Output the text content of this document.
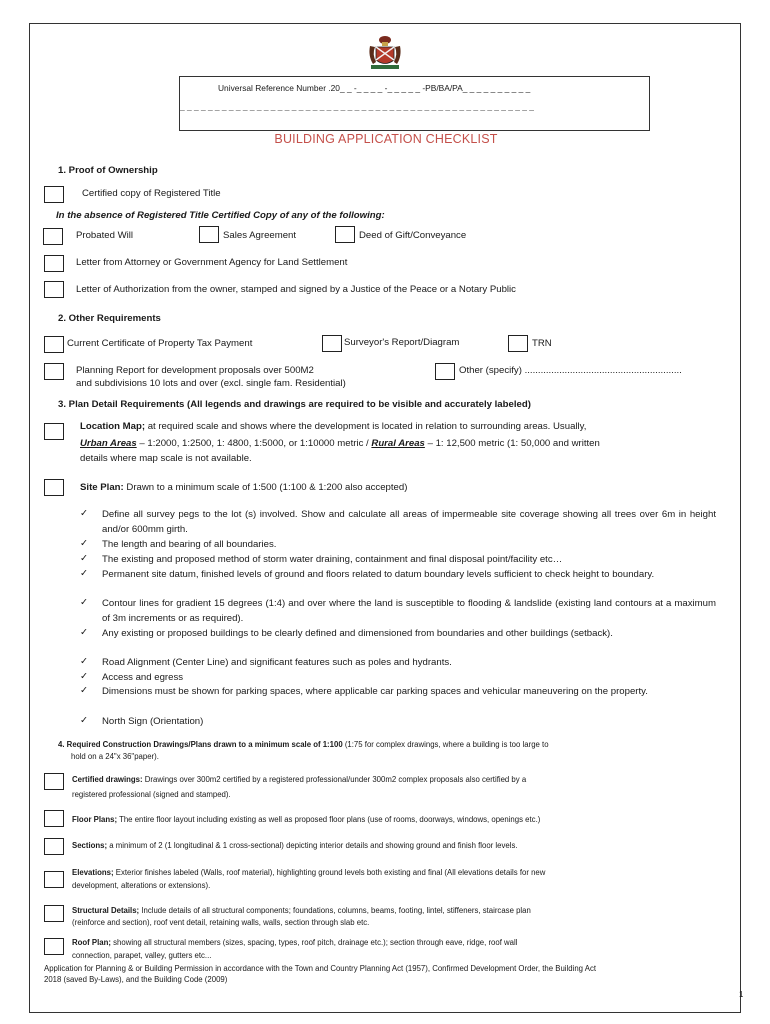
Universal Reference Number .20_ _ -_ _ _ _ -_ _ _ _ _ -PB/BA/PA_ _ _ _ _ _ _ _ _ _
_ _ _ _ _ _ _ _ _ _ _ _ _ _ _ _ _ _ _ _ _ _ _ _ _ _ _ _ _ _ _ _ _ _ _ _ _ _ _ _ _ _ _ _ _ _ _ _ _ _ _
BUILDING APPLICATION CHECKLIST
1. Proof of Ownership
Certified copy of Registered Title
In the absence of Registered Title Certified Copy of any of the following:
Probated Will	Sales Agreement	Deed of Gift/Conveyance
Letter from Attorney or Government Agency for Land Settlement
Letter of Authorization from the owner, stamped and signed by a Justice of the Peace or a Notary Public
2. Other Requirements
Current Certificate of Property Tax Payment	Surveyor's Report/Diagram	TRN
Planning Report for development proposals over 500M2
and subdivisions 10 lots and over (excl. single fam. Residential)
Other (specify) ...........................................................
3. Plan Detail Requirements (All legends and drawings are required to be visible and accurately labeled)
Location Map; at required scale and shows where the development is located in relation to surrounding areas. Usually,
Urban Areas – 1:2000, 1:2500, 1: 4800, 1:5000, or 1:10000 metric / Rural Areas – 1: 12,500 metric (1: 50,000 and written
details where map scale is not available.
Site Plan: Drawn to a minimum scale of 1:500 (1:100 & 1:200 also accepted)
✓ Define all survey pegs to the lot (s) involved. Show and calculate all areas of impermeable site coverage showing all trees over 6m in height and/or 600mm girth.
✓ The length and bearing of all boundaries.
✓ The existing and proposed method of storm water draining, containment and final disposal point/facility etc…
✓ Permanent site datum, finished levels of ground and floors related to datum boundary levels sufficient to check height to boundary.
✓ Contour lines for gradient 15 degrees (1:4) and over where the land is susceptible to flooding & landslide (existing land contours at a maximum of 3m increments or as required).
✓ Any existing or proposed buildings to be clearly defined and dimensioned from boundaries and other buildings (setback).
✓ Road Alignment (Center Line) and significant features such as poles and hydrants.
✓ Access and egress
✓ Dimensions must be shown for parking spaces, where applicable car parking spaces and vehicular maneuvering on the property.
✓ North Sign (Orientation)
4. Required Construction Drawings/Plans drawn to a minimum scale of 1:100 (1:75 for complex drawings, where a building is too large to
hold on a 24"x 36"paper).
Certified drawings: Drawings over 300m2 certified by a registered professional/under 300m2 complex proposals also certified by a
registered professional (signed and stamped).
Floor Plans; The entire floor layout including existing as well as proposed floor plans (use of rooms, doorways, windows, openings etc.)
Sections; a minimum of 2 (1 longitudinal & 1 cross-sectional) depicting interior details and showing ground and finish floor levels.
Elevations; Exterior finishes labeled (Walls, roof material), highlighting ground levels both existing and final (All elevations details for new
development, alterations or extensions).
Structural Details; Include details of all structural components; foundations, columns, beams, footing, lintel, stiffeners, staircase plan
(reinforce and section), roof vent detail, retaining walls, walls, section through slab etc.
Roof Plan; showing all structural members (sizes, spacing, types, roof pitch, drainage etc.); section through eave, ridge, roof wall
connection, parapet, valley, gutters etc...
Application for Planning & or Building Permission in accordance with the Town and Country Planning Act (1957), Confirmed Development Order, the Building Act
2018 (saved By-Laws), and the Building Code (2009)
1
